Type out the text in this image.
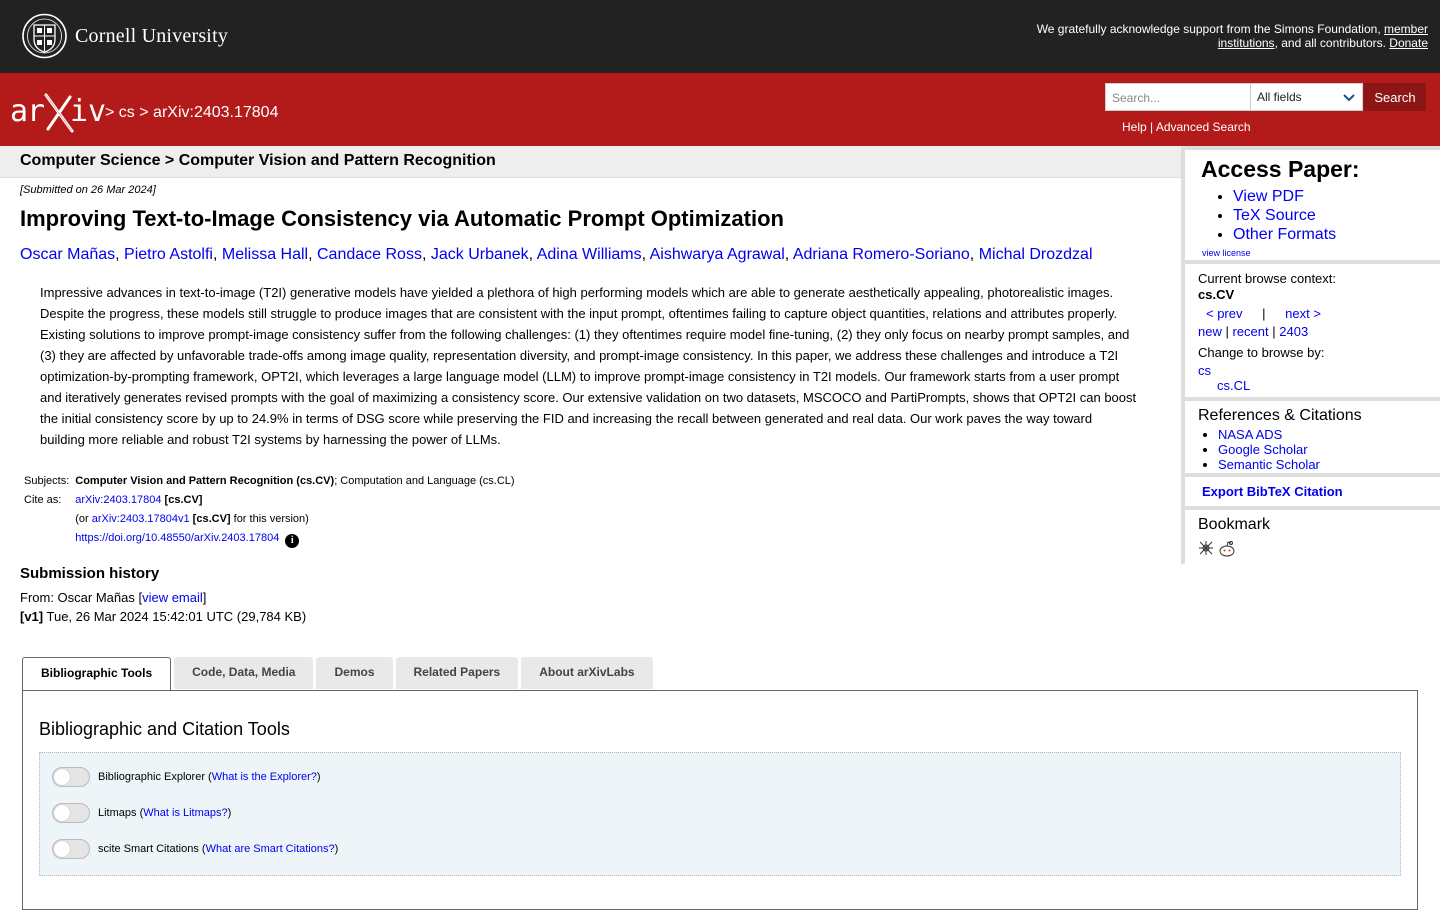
Cornell University	We gratefully acknowledge support from the Simons Foundation, member institutions, and all contributors. Donate
ar iv
> cs > arXiv:2403.17804
Search...	All fields	Search
Help | Advanced Search
Computer Science > Computer Vision and Pattern Recognition
[Submitted on 26 Mar 2024]
Improving Text-to-Image Consistency via Automatic Prompt Optimization
Oscar Mañas, Pietro Astolfi, Melissa Hall, Candace Ross, Jack Urbanek, Adina Williams, Aishwarya Agrawal, Adriana Romero-Soriano, Michal Drozdzal
Impressive advances in text-to-image (T2I) generative models have yielded a plethora of high performing models which are able to generate aesthetically appealing, photorealistic images. Despite the progress, these models still struggle to produce images that are consistent with the input prompt, oftentimes failing to capture object quantities, relations and attributes properly. Existing solutions to improve prompt-image consistency suffer from the following challenges: (1) they oftentimes require model fine-tuning, (2) they only focus on nearby prompt samples, and (3) they are affected by unfavorable trade-offs among image quality, representation diversity, and prompt-image consistency. In this paper, we address these challenges and introduce a T2I optimization-by-prompting framework, OPT2I, which leverages a large language model (LLM) to improve prompt-image consistency in T2I models. Our framework starts from a user prompt and iteratively generates revised prompts with the goal of maximizing a consistency score. Our extensive validation on two datasets, MSCOCO and PartiPrompts, shows that OPT2I can boost the initial consistency score by up to 24.9% in terms of DSG score while preserving the FID and increasing the recall between generated and real data. Our work paves the way toward building more reliable and robust T2I systems by harnessing the power of LLMs.
Subjects:	Computer Vision and Pattern Recognition (cs.CV); Computation and Language (cs.CL)
Cite as:	arXiv:2403.17804 [cs.CV]
(or arXiv:2403.17804v1 [cs.CV] for this version)
https://doi.org/10.48550/arXiv.2403.17804 i
Submission history
From: Oscar Mañas [view email]
[v1] Tue, 26 Mar 2024 15:42:01 UTC (29,784 KB)
Access Paper:
• View PDF
• TeX Source
• Other Formats
view license
Current browse context:
cs.CV
< prev | next >
new | recent | 2403
Change to browse by:
cs
cs.CL
References & Citations
• NASA ADS
• Google Scholar
• Semantic Scholar
Export BibTeX Citation
Bookmark
Bibliographic Tools	Code, Data, Media	Demos	Related Papers	About arXivLabs
Bibliographic and Citation Tools
Bibliographic Explorer ( What is the Explorer? )
Litmaps ( What is Litmaps? )
scite Smart Citations ( What are Smart Citations? )
